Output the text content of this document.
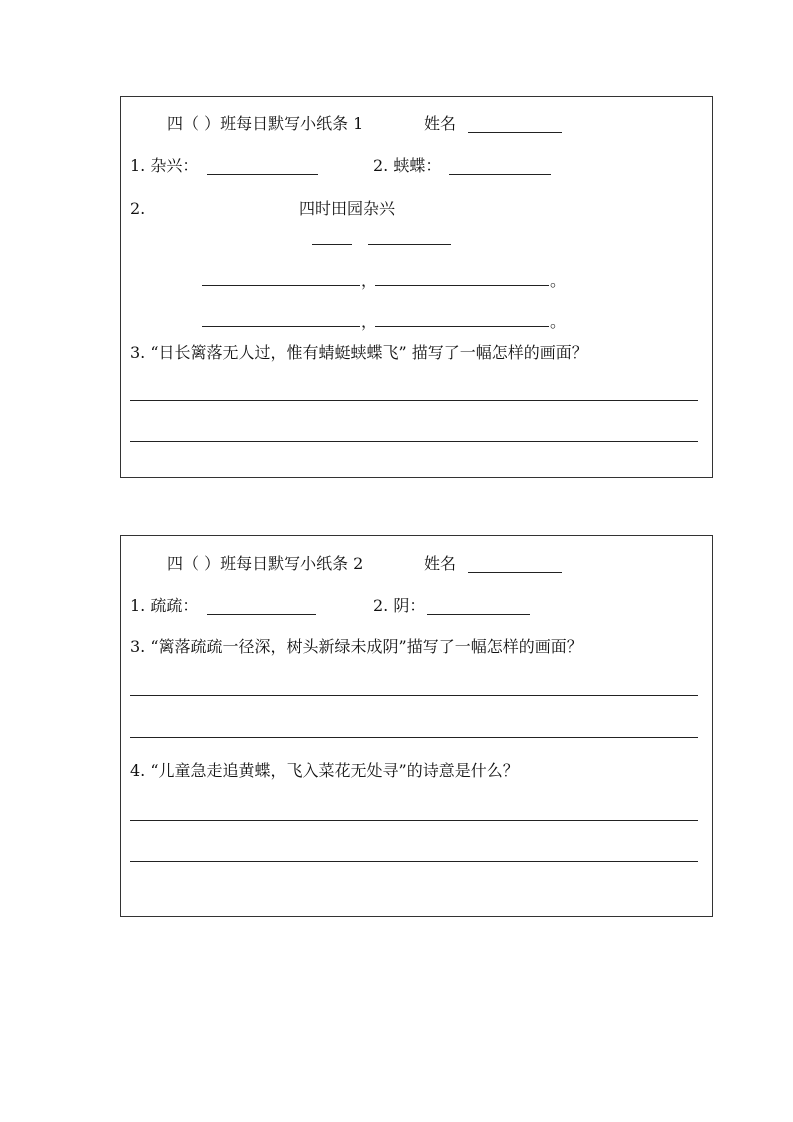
四（ ）班每日默写小纸条 1	姓名
1. 杂兴：	2. 蛱蝶：
2.	四时田园杂兴
，	。
，	。
3. “日长篱落无人过，惟有蜻蜓蛱蝶飞” 描写了一幅怎样的画面？
四（ ）班每日默写小纸条 2	姓名
1. 疏疏：	2. 阴：
3. “篱落疏疏一径深，树头新绿未成阴”描写了一幅怎样的画面？
4. “儿童急走追黄蝶，飞入菜花无处寻”的诗意是什么？
